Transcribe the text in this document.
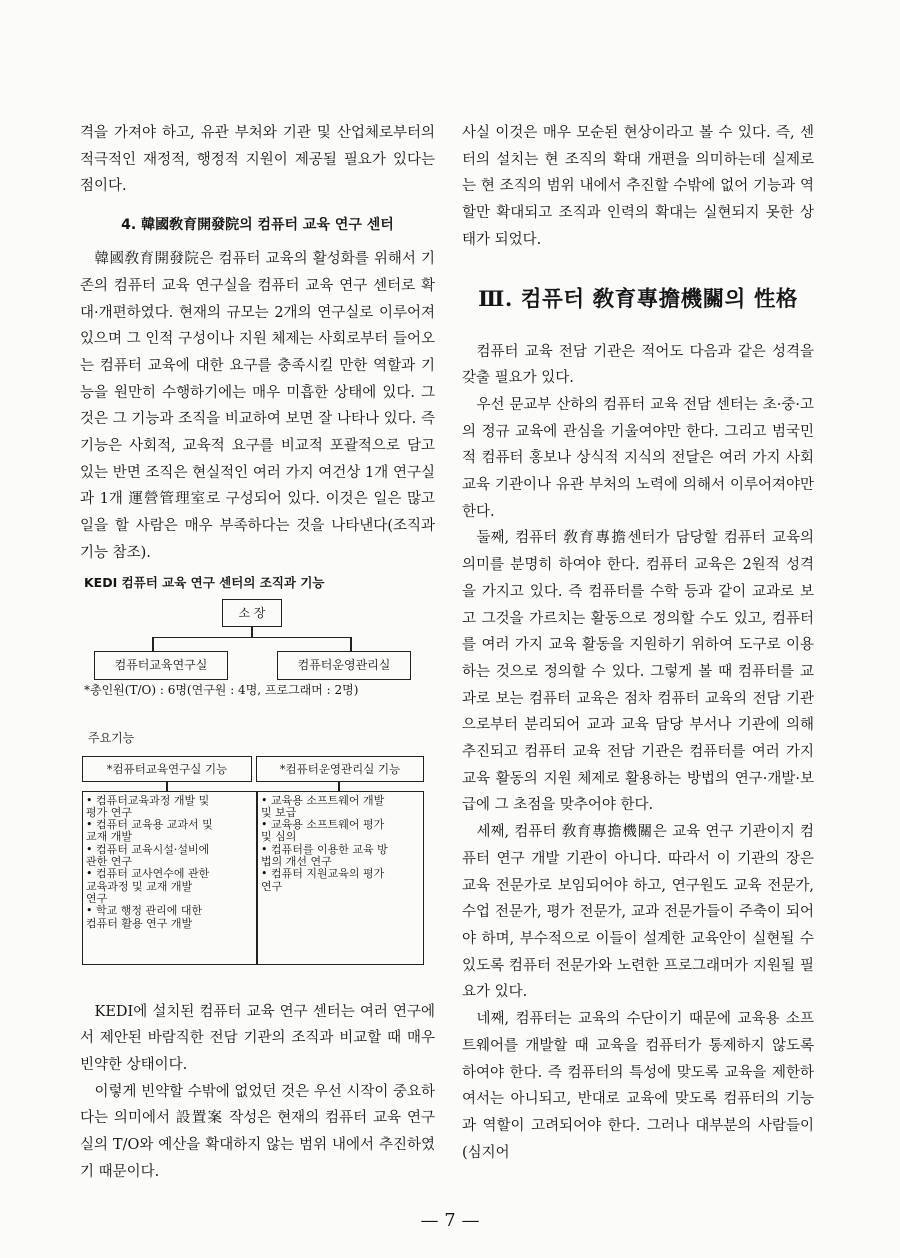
격을 가져야 하고, 유관 부처와 기관 및 산업체로부터의 적극적인 재정적, 행정적 지원이 제공될 필요가 있다는 점이다.

4. 韓國敎育開發院의 컴퓨터 교육 연구 센터

韓國敎育開發院은 컴퓨터 교육의 활성화를 위해서 기존의 컴퓨터 교육 연구실을 컴퓨터 교육 연구 센터로 확대·개편하였다. 현재의 규모는 2개의 연구실로 이루어져 있으며 그 인적 구성이나 지원 체제는 사회로부터 들어오는 컴퓨터 교육에 대한 요구를 충족시킬 만한 역할과 기능을 원만히 수행하기에는 매우 미흡한 상태에 있다. 그것은 그 기능과 조직을 비교하여 보면 잘 나타나 있다. 즉 기능은 사회적, 교육적 요구를 비교적 포괄적으로 담고 있는 반면 조직은 현실적인 여러 가지 여건상 1개 연구실과 1개 運營管理室로 구성되어 있다. 이것은 일은 많고 일을 할 사람은 매우 부족하다는 것을 나타낸다(조직과 기능 참조).

KEDI 컴퓨터 교육 연구 센터의 조직과 기능
소 장
컴퓨터교육연구실	컴퓨터운영관리실
*총인원(T/O) : 6명(연구원 : 4명, 프로그래머 : 2명)
주요기능
*컴퓨터교육연구실 기능	*컴퓨터운영관리실 기능
• 컴퓨터교육과정 개발 및
평가 연구
• 컴퓨터 교육용 교과서 및
교재 개발
• 컴퓨터 교육시설·설비에
관한 연구
• 컴퓨터 교사연수에 관한
교육과정 및 교재 개발
연구
• 학교 행정 관리에 대한
컴퓨터 활용 연구 개발
• 교육용 소프트웨어 개발
및 보급
• 교육용 소프트웨어 평가
및 심의
• 컴퓨터를 이용한 교육 방
법의 개선 연구
• 컴퓨터 지원교육의 평가
연구

KEDI에 설치된 컴퓨터 교육 연구 센터는 여러 연구에서 제안된 바람직한 전담 기관의 조직과 비교할 때 매우 빈약한 상태이다.

이렇게 빈약할 수밖에 없었던 것은 우선 시작이 중요하다는 의미에서 設置案 작성은 현재의 컴퓨터 교육 연구실의 T/O와 예산을 확대하지 않는 범위 내에서 추진하였기 때문이다.

사실 이것은 매우 모순된 현상이라고 볼 수 있다. 즉, 센터의 설치는 현 조직의 확대 개편을 의미하는데 실제로는 현 조직의 범위 내에서 추진할 수밖에 없어 기능과 역할만 확대되고 조직과 인력의 확대는 실현되지 못한 상태가 되었다.

Ⅲ. 컴퓨터 敎育專擔機關의 性格

컴퓨터 교육 전담 기관은 적어도 다음과 같은 성격을 갖출 필요가 있다.

우선 문교부 산하의 컴퓨터 교육 전담 센터는 초·중·고의 정규 교육에 관심을 기울여야만 한다. 그리고 범국민적 컴퓨터 홍보나 상식적 지식의 전달은 여러 가지 사회 교육 기관이나 유관 부처의 노력에 의해서 이루어져야만 한다.

둘째, 컴퓨터 敎育專擔센터가 담당할 컴퓨터 교육의 의미를 분명히 하여야 한다. 컴퓨터 교육은 2원적 성격을 가지고 있다. 즉 컴퓨터를 수학 등과 같이 교과로 보고 그것을 가르치는 활동으로 정의할 수도 있고, 컴퓨터를 여러 가지 교육 활동을 지원하기 위하여 도구로 이용하는 것으로 정의할 수 있다. 그렇게 볼 때 컴퓨터를 교과로 보는 컴퓨터 교육은 점차 컴퓨터 교육의 전담 기관으로부터 분리되어 교과 교육 담당 부서나 기관에 의해 추진되고 컴퓨터 교육 전담 기관은 컴퓨터를 여러 가지 교육 활동의 지원 체제로 활용하는 방법의 연구·개발·보급에 그 초점을 맞추어야 한다.

세째, 컴퓨터 敎育專擔機關은 교육 연구 기관이지 컴퓨터 연구 개발 기관이 아니다. 따라서 이 기관의 장은 교육 전문가로 보임되어야 하고, 연구원도 교육 전문가, 수업 전문가, 평가 전문가, 교과 전문가들이 주축이 되어야 하며, 부수적으로 이들이 설계한 교육안이 실현될 수 있도록 컴퓨터 전문가와 노련한 프로그래머가 지원될 필요가 있다.

네째, 컴퓨터는 교육의 수단이기 때문에 교육용 소프트웨어를 개발할 때 교육을 컴퓨터가 통제하지 않도록 하여야 한다. 즉 컴퓨터의 특성에 맞도록 교육을 제한하여서는 아니되고, 반대로 교육에 맞도록 컴퓨터의 기능과 역할이 고려되어야 한다. 그러나 대부분의 사람들이(심지어

— 7 —
